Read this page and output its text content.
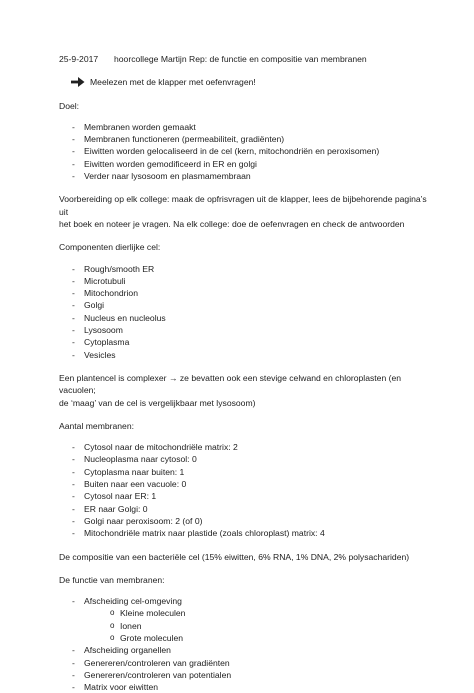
25-9-2017	hoorcollege Martijn Rep: de functie en compositie van membranen
Meelezen met de klapper met oefenvragen!
Doel:
-	Membranen worden gemaakt
-	Membranen functioneren (permeabiliteit, gradiënten)
-	Eiwitten worden gelocaliseerd in de cel (kern, mitochondriën en peroxisomen)
-	Eiwitten worden gemodificeerd in ER en golgi
-	Verder naar lysosoom en plasmamembraan
Voorbereiding op elk college: maak de opfrisvragen uit de klapper, lees de bijbehorende pagina’s uit
het boek en noteer je vragen. Na elk college: doe de oefenvragen en check de antwoorden
Componenten dierlijke cel:
-	Rough/smooth ER
-	Microtubuli
-	Mitochondrion
-	Golgi
-	Nucleus en nucleolus
-	Lysosoom
-	Cytoplasma
-	Vesicles
Een plantencel is complexer → ze bevatten ook een stevige celwand en chloroplasten (en vacuolen;
de ‘maag’ van de cel is vergelijkbaar met lysosoom)
Aantal membranen:
-	Cytosol naar de mitochondriële matrix: 2
-	Nucleoplasma naar cytosol: 0
-	Cytoplasma naar buiten: 1
-	Buiten naar een vacuole: 0
-	Cytosol naar ER: 1
-	ER naar Golgi: 0
-	Golgi naar peroxisoom: 2 (of 0)
-	Mitochondriële matrix naar plastide (zoals chloroplast) matrix: 4
De compositie van een bacteriële cel (15% eiwitten, 6% RNA, 1% DNA, 2% polysachariden)
De functie van membranen:
-	Afscheiding cel-omgeving
o Kleine moleculen
o Ionen
o Grote moleculen
-	Afscheiding organellen
-	Genereren/controleren van gradiënten
-	Genereren/controleren van potentialen
-	Matrix voor eiwitten
